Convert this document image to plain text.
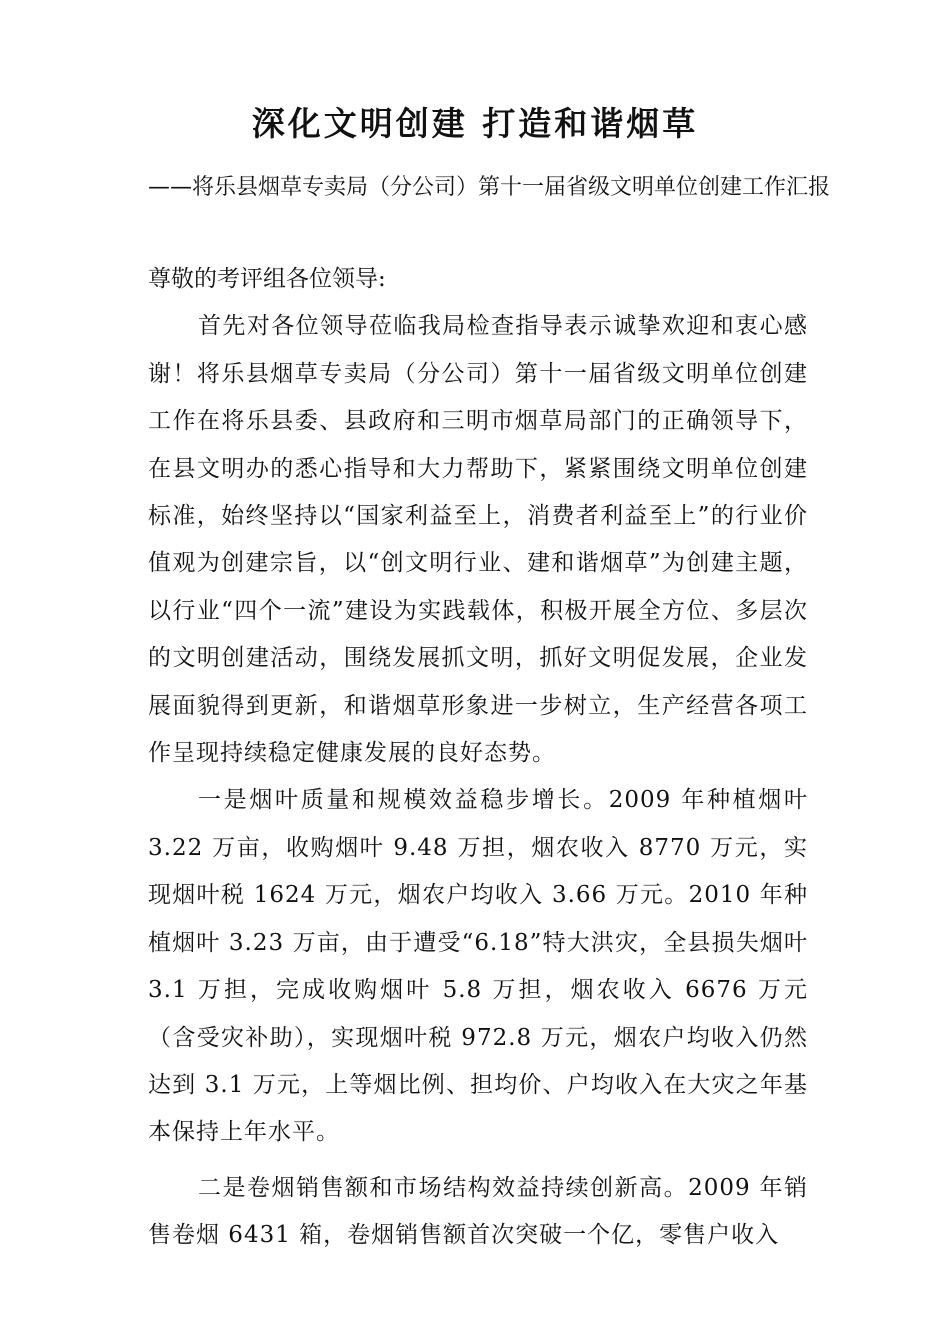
深化文明创建 打造和谐烟草
——将乐县烟草专卖局（分公司）第十一届省级文明单位创建工作汇报

尊敬的考评组各位领导:

首先对各位领导莅临我局检查指导表示诚挚欢迎和衷心感谢！将乐县烟草专卖局（分公司）第十一届省级文明单位创建工作在将乐县委、县政府和三明市烟草局部门的正确领导下，在县文明办的悉心指导和大力帮助下，紧紧围绕文明单位创建标准，始终坚持以“国家利益至上，消费者利益至上”的行业价值观为创建宗旨，以“创文明行业、建和谐烟草”为创建主题，以行业“四个一流”建设为实践载体，积极开展全方位、多层次的文明创建活动，围绕发展抓文明，抓好文明促发展，企业发展面貌得到更新，和谐烟草形象进一步树立，生产经营各项工作呈现持续稳定健康发展的良好态势。

一是烟叶质量和规模效益稳步增长。2009 年种植烟叶 3.22 万亩，收购烟叶 9.48 万担，烟农收入 8770 万元，实现烟叶税 1624 万元，烟农户均收入 3.66 万元。2010 年种植烟叶 3.23 万亩，由于遭受“6.18”特大洪灾，全县损失烟叶 3.1 万担，完成收购烟叶 5.8 万担，烟农收入 6676 万元（含受灾补助），实现烟叶税 972.8 万元，烟农户均收入仍然达到 3.1 万元，上等烟比例、担均价、户均收入在大灾之年基本保持上年水平。

二是卷烟销售额和市场结构效益持续创新高。2009 年销售卷烟 6431 箱，卷烟销售额首次突破一个亿，零售户收入
